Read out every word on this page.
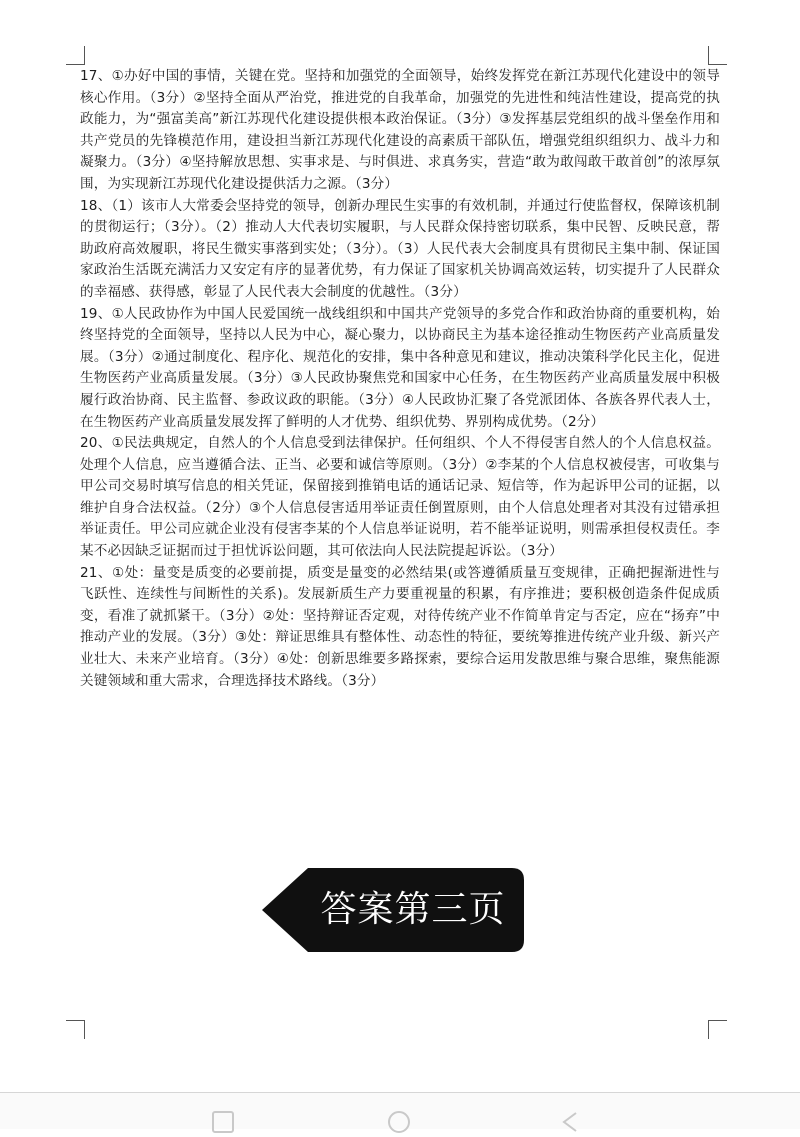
17、①办好中国的事情，关键在党。坚持和加强党的全面领导，始终发挥党在新江苏现代化建设中的领导核心作用。（3分）②坚持全面从严治党，推进党的自我革命，加强党的先进性和纯洁性建设，提高党的执政能力，为“强富美高”新江苏现代化建设提供根本政治保证。（3分）③发挥基层党组织的战斗堡垒作用和共产党员的先锋模范作用，建设担当新江苏现代化建设的高素质干部队伍，增强党组织组织力、战斗力和凝聚力。（3分）④坚持解放思想、实事求是、与时俱进、求真务实，营造“敢为敢闯敢干敢首创”的浓厚氛围，为实现新江苏现代化建设提供活力之源。（3分）

18、（1）该市人大常委会坚持党的领导，创新办理民生实事的有效机制，并通过行使监督权，保障该机制的贯彻运行；（3分）。（2）推动人大代表切实履职，与人民群众保持密切联系，集中民智、反映民意，帮助政府高效履职，将民生微实事落到实处；（3分）。（3）人民代表大会制度具有贯彻民主集中制、保证国家政治生活既充满活力又安定有序的显著优势，有力保证了国家机关协调高效运转，切实提升了人民群众的幸福感、获得感，彰显了人民代表大会制度的优越性。（3分）

19、①人民政协作为中国人民爱国统一战线组织和中国共产党领导的多党合作和政治协商的重要机构，始终坚持党的全面领导，坚持以人民为中心，凝心聚力，以协商民主为基本途径推动生物医药产业高质量发展。（3分）②通过制度化、程序化、规范化的安排，集中各种意见和建议，推动决策科学化民主化，促进生物医药产业高质量发展。（3分）③人民政协聚焦党和国家中心任务，在生物医药产业高质量发展中积极履行政治协商、民主监督、参政议政的职能。（3分）④人民政协汇聚了各党派团体、各族各界代表人士，在生物医药产业高质量发展发挥了鲜明的人才优势、组织优势、界别构成优势。（2分）

20、①民法典规定，自然人的个人信息受到法律保护。任何组织、个人不得侵害自然人的个人信息权益。处理个人信息，应当遵循合法、正当、必要和诚信等原则。（3分）②李某的个人信息权被侵害，可收集与甲公司交易时填写信息的相关凭证，保留接到推销电话的通话记录、短信等，作为起诉甲公司的证据，以维护自身合法权益。（2分）③个人信息侵害适用举证责任倒置原则，由个人信息处理者对其没有过错承担举证责任。甲公司应就企业没有侵害李某的个人信息举证说明，若不能举证说明，则需承担侵权责任。李某不必因缺乏证据而过于担忧诉讼问题，其可依法向人民法院提起诉讼。（3分）

21、①处：量变是质变的必要前提，质变是量变的必然结果(或答遵循质量互变规律，正确把握渐进性与飞跃性、连续性与间断性的关系)。发展新质生产力要重视量的积累，有序推进；要积极创造条件促成质变，看准了就抓紧干。（3分）②处：坚持辩证否定观，对待传统产业不作简单肯定与否定，应在“扬弃”中推动产业的发展。（3分）③处：辩证思维具有整体性、动态性的特征，要统筹推进传统产业升级、新兴产业壮大、未来产业培育。（3分）④处：创新思维要多路探索，要综合运用发散思维与聚合思维，聚焦能源关键领域和重大需求，合理选择技术路线。（3分）

答案第三页
